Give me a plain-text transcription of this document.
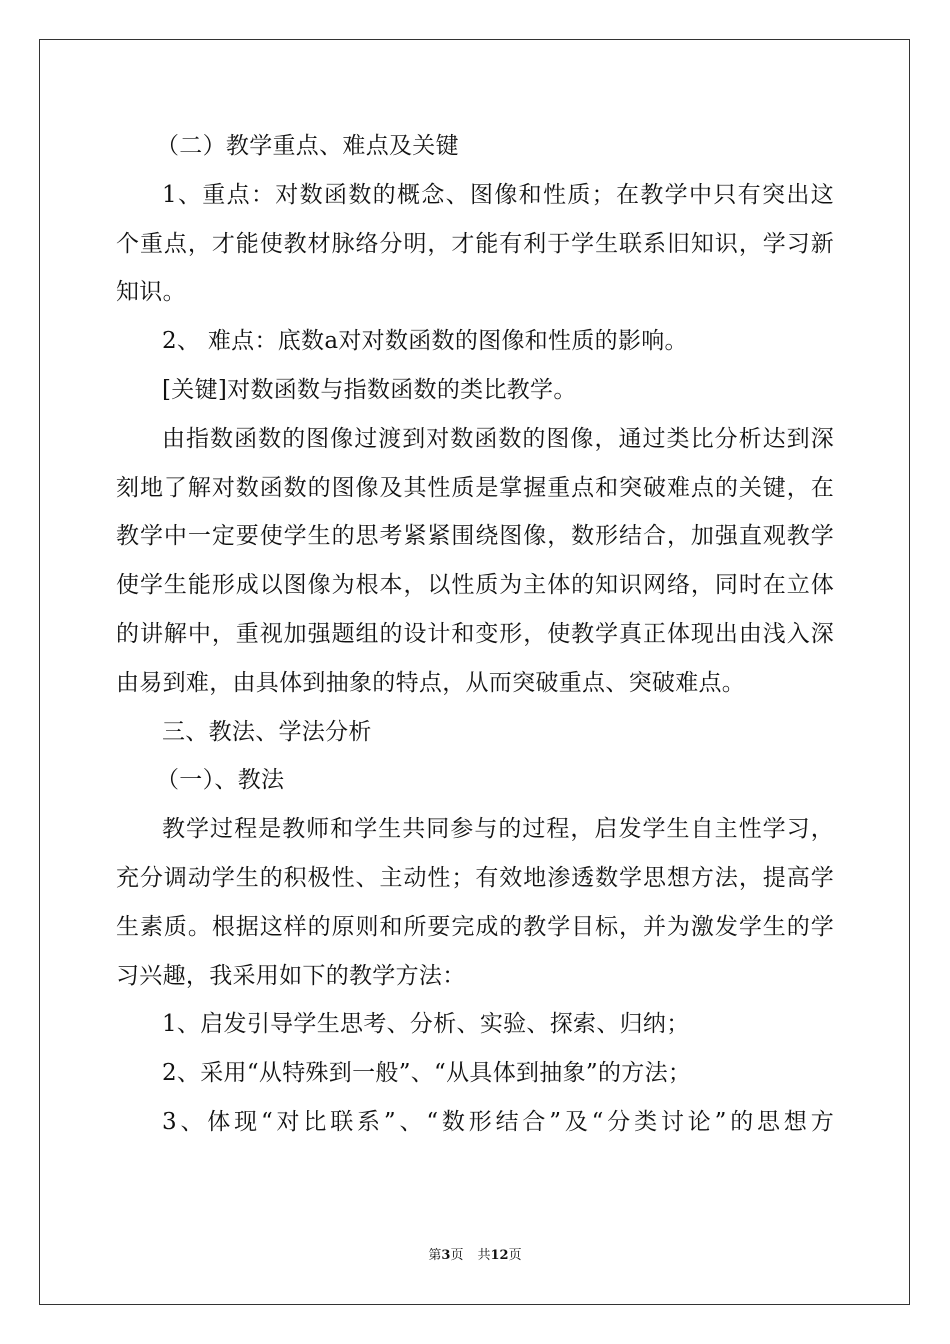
（二）教学重点、难点及关键
1、重点：对数函数的概念、图像和性质；在教学中只有突出这
个重点，才能使教材脉络分明，才能有利于学生联系旧知识，学习新
知识。
2、 难点：底数a对对数函数的图像和性质的影响。
[关键]对数函数与指数函数的类比教学。
由指数函数的图像过渡到对数函数的图像，通过类比分析达到深
刻地了解对数函数的图像及其性质是掌握重点和突破难点的关键，在
教学中一定要使学生的思考紧紧围绕图像，数形结合，加强直观教学
使学生能形成以图像为根本，以性质为主体的知识网络，同时在立体
的讲解中，重视加强题组的设计和变形，使教学真正体现出由浅入深
由易到难，由具体到抽象的特点，从而突破重点、突破难点。
三、教法、学法分析
（一）、教法
教学过程是教师和学生共同参与的过程，启发学生自主性学习，
充分调动学生的积极性、主动性；有效地渗透数学思想方法，提高学
生素质。根据这样的原则和所要完成的教学目标，并为激发学生的学
习兴趣，我采用如下的教学方法：
1、启发引导学生思考、分析、实验、探索、归纳；
2、采用“从特殊到一般”、“从具体到抽象”的方法；
3、体现“对比联系”、“数形结合”及“分类讨论”的思想方
第3页 共12页
